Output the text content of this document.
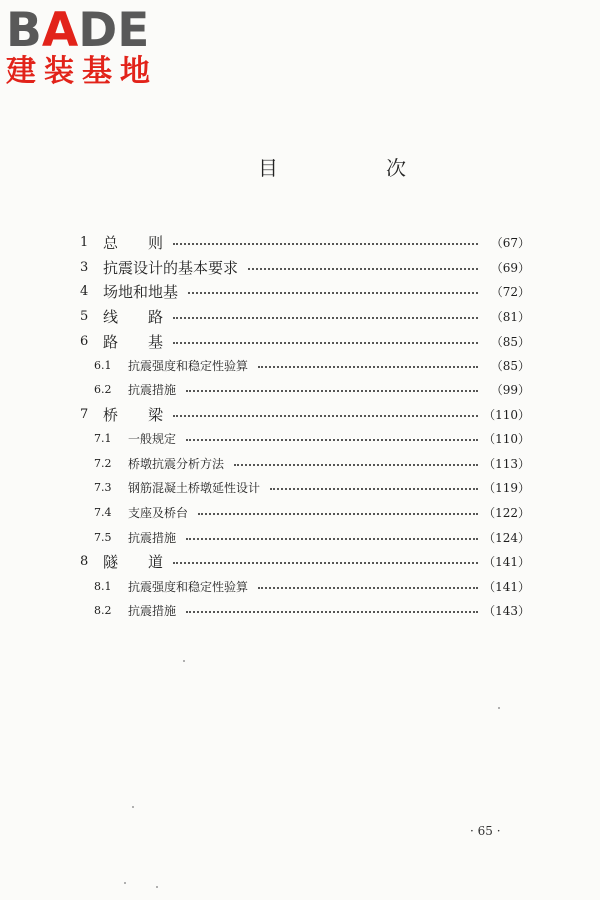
BADE
建装基地
目　次
1 总　　则	（67）
3 抗震设计的基本要求	（69）
4 场地和地基	（72）
5 线　　路	（81）
6 路　　基	（85）
6.1 抗震强度和稳定性验算	（85）
6.2 抗震措施	（99）
7 桥　　梁	（110）
7.1 一般规定	（110）
7.2 桥墩抗震分析方法	（113）
7.3 钢筋混凝土桥墩延性设计	（119）
7.4 支座及桥台	（122）
7.5 抗震措施	（124）
8 隧　　道	（141）
8.1 抗震强度和稳定性验算	（141）
8.2 抗震措施	（143）
· 65 ·
